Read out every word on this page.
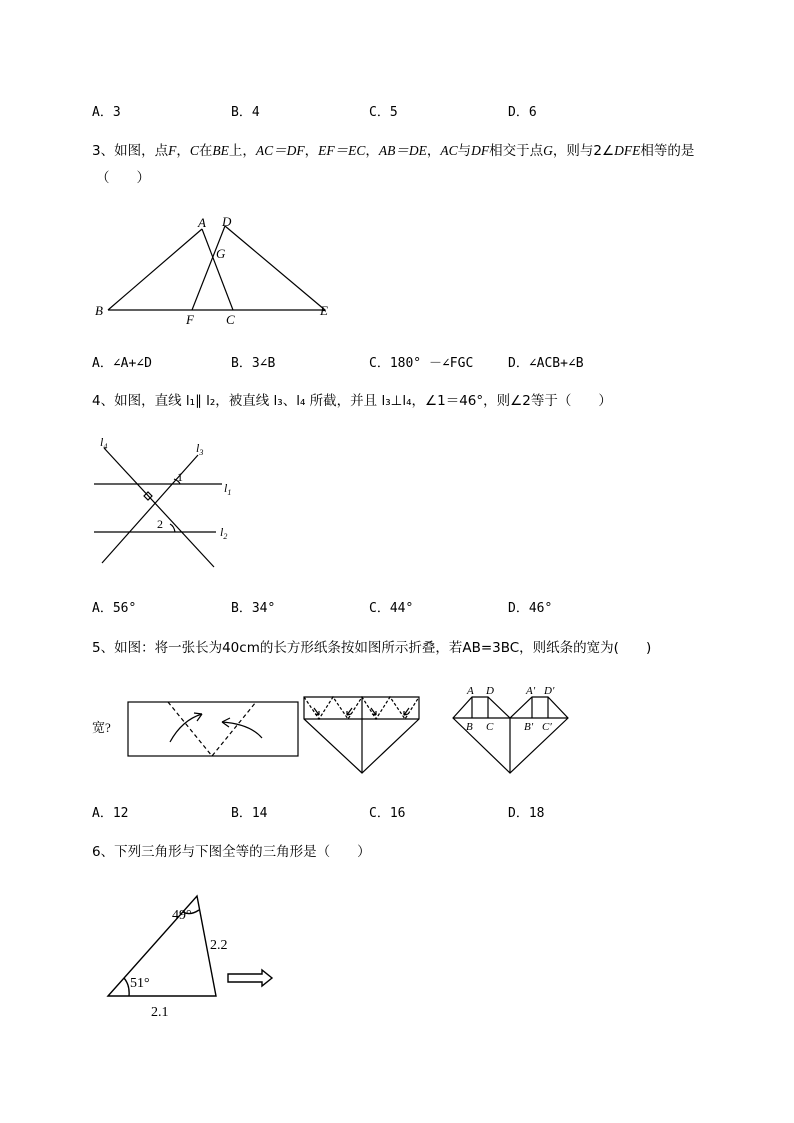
A．3	B．4	C．5	D．6
3、如图，点F，C在BE上，AC＝DF，EF＝EC，AB＝DE，AC与DF相交于点G，则与2∠DFE相等的是
（　　）
A D
G
B
F C
E
A．∠A+∠D	B．3∠B	C．180° －∠FGC	D．∠ACB+∠B
4、如图，直线 l₁∥ l₂，被直线 l₃、l₄ 所截，并且 l₃⊥l₄，∠1＝46°，则∠2等于（　　）
$l_4$	$l_3$
$l_1$
$l_2$
1
2
A．56°	B．34°	C．44°	D．46°
5、如图：将一张长为40cm的长方形纸条按如图所示折叠，若AB=3BC，则纸条的宽为(　　)
宽?
A D
B C
A′ D′
B′ C′
A．12	B．14	C．16	D．18
6、下列三角形与下图全等的三角形是（　　）
49°
51°
2.2
2.1
